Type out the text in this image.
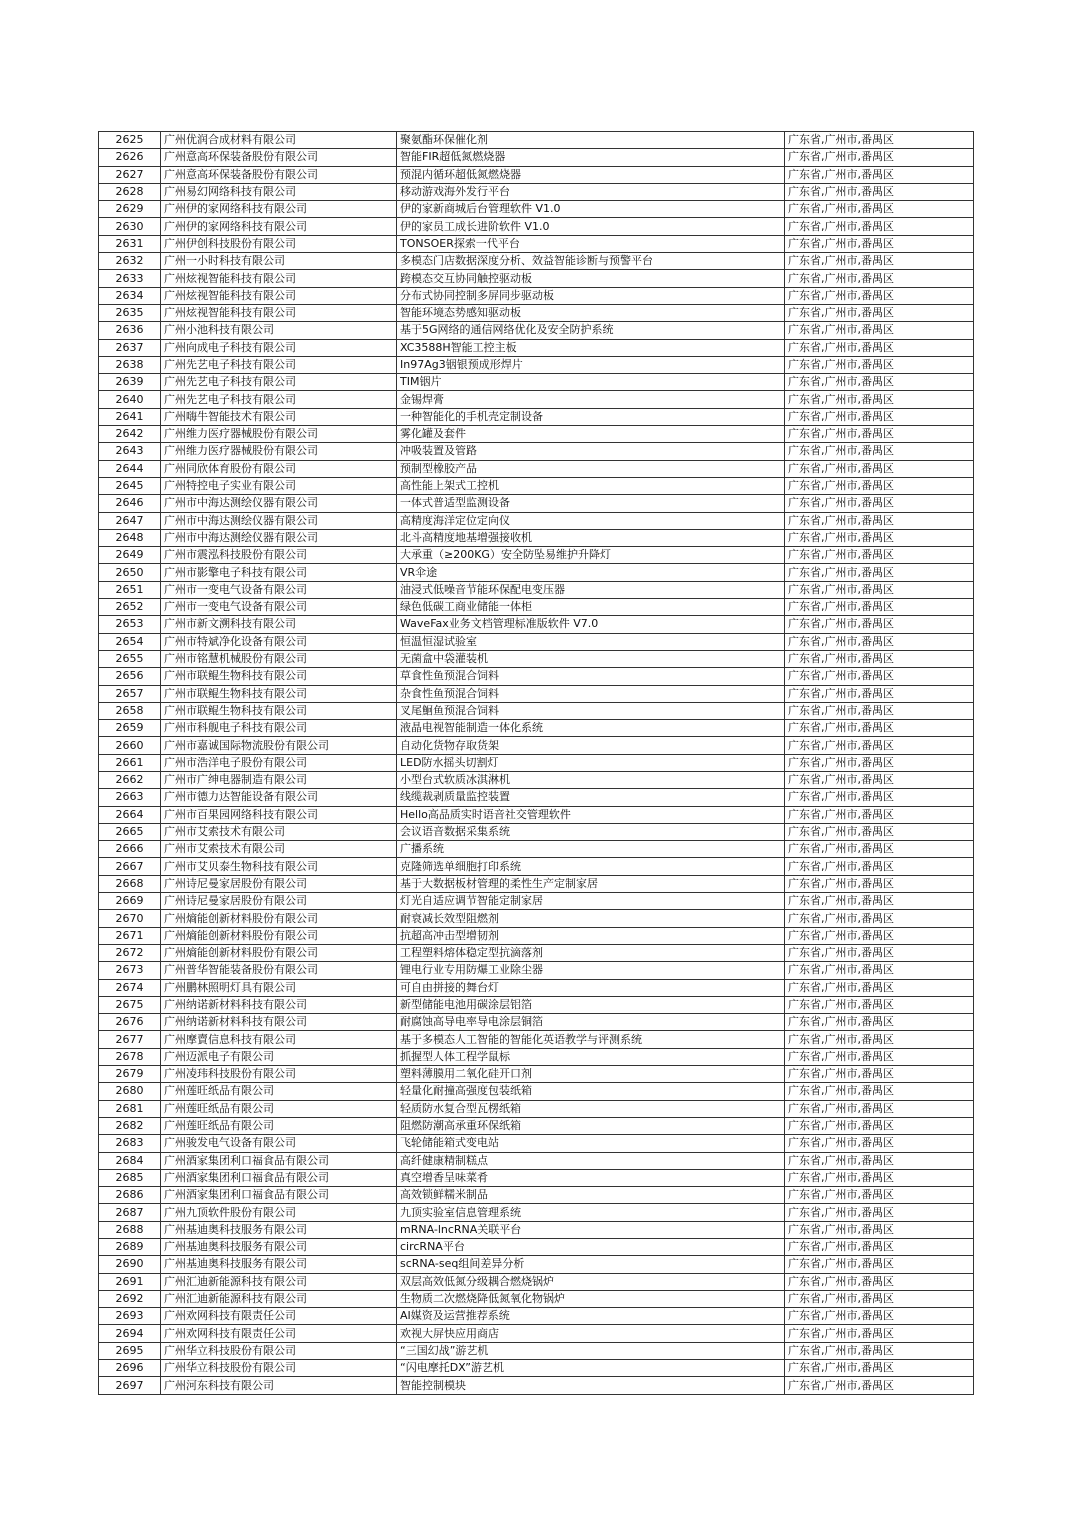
2625	广州优润合成材料有限公司	聚氨酯环保催化剂	广东省,广州市,番禺区
2626	广州意高环保装备股份有限公司	智能FIR超低氮燃烧器	广东省,广州市,番禺区
2627	广州意高环保装备股份有限公司	预混内循环超低氮燃烧器	广东省,广州市,番禺区
2628	广州易幻网络科技有限公司	移动游戏海外发行平台	广东省,广州市,番禺区
2629	广州伊的家网络科技有限公司	伊的家新商城后台管理软件 V1.0	广东省,广州市,番禺区
2630	广州伊的家网络科技有限公司	伊的家员工成长进阶软件 V1.0	广东省,广州市,番禺区
2631	广州伊创科技股份有限公司	TONSOER探索一代平台	广东省,广州市,番禺区
2632	广州一小时科技有限公司	多模态门店数据深度分析、效益智能诊断与预警平台	广东省,广州市,番禺区
2633	广州炫视智能科技有限公司	跨模态交互协同触控驱动板	广东省,广州市,番禺区
2634	广州炫视智能科技有限公司	分布式协同控制多屏同步驱动板	广东省,广州市,番禺区
2635	广州炫视智能科技有限公司	智能环境态势感知驱动板	广东省,广州市,番禺区
2636	广州小池科技有限公司	基于5G网络的通信网络优化及安全防护系统	广东省,广州市,番禺区
2637	广州向成电子科技有限公司	XC3588H智能工控主板	广东省,广州市,番禺区
2638	广州先艺电子科技有限公司	In97Ag3铟银预成形焊片	广东省,广州市,番禺区
2639	广州先艺电子科技有限公司	TIM铟片	广东省,广州市,番禺区
2640	广州先艺电子科技有限公司	金锡焊膏	广东省,广州市,番禺区
2641	广州嗨牛智能技术有限公司	一种智能化的手机壳定制设备	广东省,广州市,番禺区
2642	广州维力医疗器械股份有限公司	雾化罐及套件	广东省,广州市,番禺区
2643	广州维力医疗器械股份有限公司	冲吸装置及管路	广东省,广州市,番禺区
2644	广州同欣体育股份有限公司	预制型橡胶产品	广东省,广州市,番禺区
2645	广州特控电子实业有限公司	高性能上架式工控机	广东省,广州市,番禺区
2646	广州市中海达测绘仪器有限公司	一体式普适型监测设备	广东省,广州市,番禺区
2647	广州市中海达测绘仪器有限公司	高精度海洋定位定向仪	广东省,广州市,番禺区
2648	广州市中海达测绘仪器有限公司	北斗高精度地基增强接收机	广东省,广州市,番禺区
2649	广州市震泓科技股份有限公司	大承重（≥200KG）安全防坠易维护升降灯	广东省,广州市,番禺区
2650	广州市影擎电子科技有限公司	VR伞途	广东省,广州市,番禺区
2651	广州市一变电气设备有限公司	油浸式低噪音节能环保配电变压器	广东省,广州市,番禺区
2652	广州市一变电气设备有限公司	绿色低碳工商业储能一体柜	广东省,广州市,番禺区
2653	广州市新文溯科技有限公司	WaveFax业务文档管理标准版软件 V7.0	广东省,广州市,番禺区
2654	广州市特斌净化设备有限公司	恒温恒湿试验室	广东省,广州市,番禺区
2655	广州市铭慧机械股份有限公司	无菌盒中袋灌装机	广东省,广州市,番禺区
2656	广州市联鲲生物科技有限公司	草食性鱼预混合饲料	广东省,广州市,番禺区
2657	广州市联鲲生物科技有限公司	杂食性鱼预混合饲料	广东省,广州市,番禺区
2658	广州市联鲲生物科技有限公司	叉尾鮰鱼预混合饲料	广东省,广州市,番禺区
2659	广州市科舰电子科技有限公司	液晶电视智能制造一体化系统	广东省,广州市,番禺区
2660	广州市嘉诚国际物流股份有限公司	自动化货物存取货架	广东省,广州市,番禺区
2661	广州市浩洋电子股份有限公司	LED防水摇头切割灯	广东省,广州市,番禺区
2662	广州市广绅电器制造有限公司	小型台式软质冰淇淋机	广东省,广州市,番禺区
2663	广州市德力达智能设备有限公司	线缆裁剥质量监控装置	广东省,广州市,番禺区
2664	广州市百果园网络科技有限公司	Hello高品质实时语音社交管理软件	广东省,广州市,番禺区
2665	广州市艾索技术有限公司	会议语音数据采集系统	广东省,广州市,番禺区
2666	广州市艾索技术有限公司	广播系统	广东省,广州市,番禺区
2667	广州市艾贝泰生物科技有限公司	克隆筛选单细胞打印系统	广东省,广州市,番禺区
2668	广州诗尼曼家居股份有限公司	基于大数据板材管理的柔性生产定制家居	广东省,广州市,番禺区
2669	广州诗尼曼家居股份有限公司	灯光自适应调节智能定制家居	广东省,广州市,番禺区
2670	广州熵能创新材料股份有限公司	耐衰减长效型阻燃剂	广东省,广州市,番禺区
2671	广州熵能创新材料股份有限公司	抗超高冲击型增韧剂	广东省,广州市,番禺区
2672	广州熵能创新材料股份有限公司	工程塑料熔体稳定型抗滴落剂	广东省,广州市,番禺区
2673	广州普华智能装备股份有限公司	锂电行业专用防爆工业除尘器	广东省,广州市,番禺区
2674	广州鹏林照明灯具有限公司	可自由拼接的舞台灯	广东省,广州市,番禺区
2675	广州纳诺新材料科技有限公司	新型储能电池用碳涂层铝箔	广东省,广州市,番禺区
2676	广州纳诺新材料科技有限公司	耐腐蚀高导电率导电涂层铜箔	广东省,广州市,番禺区
2677	广州摩賣信息科技有限公司	基于多模态人工智能的智能化英语教学与评测系统	广东省,广州市,番禺区
2678	广州迈派电子有限公司	抓握型人体工程学鼠标	广东省,广州市,番禺区
2679	广州凌玮科技股份有限公司	塑料薄膜用二氧化硅开口剂	广东省,广州市,番禺区
2680	广州莲旺纸品有限公司	轻量化耐撞高强度包装纸箱	广东省,广州市,番禺区
2681	广州莲旺纸品有限公司	轻质防水复合型瓦楞纸箱	广东省,广州市,番禺区
2682	广州莲旺纸品有限公司	阻燃防潮高承重环保纸箱	广东省,广州市,番禺区
2683	广州骏发电气设备有限公司	飞轮储能箱式变电站	广东省,广州市,番禺区
2684	广州酒家集团利口福食品有限公司	高纤健康精制糕点	广东省,广州市,番禺区
2685	广州酒家集团利口福食品有限公司	真空增香呈味菜肴	广东省,广州市,番禺区
2686	广州酒家集团利口福食品有限公司	高效锁鲜糯米制品	广东省,广州市,番禺区
2687	广州九顶软件股份有限公司	九顶实验室信息管理系统	广东省,广州市,番禺区
2688	广州基迪奥科技服务有限公司	mRNA-lncRNA关联平台	广东省,广州市,番禺区
2689	广州基迪奥科技服务有限公司	circRNA平台	广东省,广州市,番禺区
2690	广州基迪奥科技服务有限公司	scRNA-seq组间差异分析	广东省,广州市,番禺区
2691	广州汇迪新能源科技有限公司	双层高效低氮分级耦合燃烧锅炉	广东省,广州市,番禺区
2692	广州汇迪新能源科技有限公司	生物质二次燃烧降低氮氧化物锅炉	广东省,广州市,番禺区
2693	广州欢网科技有限责任公司	AI媒资及运营推荐系统	广东省,广州市,番禺区
2694	广州欢网科技有限责任公司	欢视大屏快应用商店	广东省,广州市,番禺区
2695	广州华立科技股份有限公司	“三国幻战”游艺机	广东省,广州市,番禺区
2696	广州华立科技股份有限公司	“闪电摩托DX”游艺机	广东省,广州市,番禺区
2697	广州河东科技有限公司	智能控制模块	广东省,广州市,番禺区
